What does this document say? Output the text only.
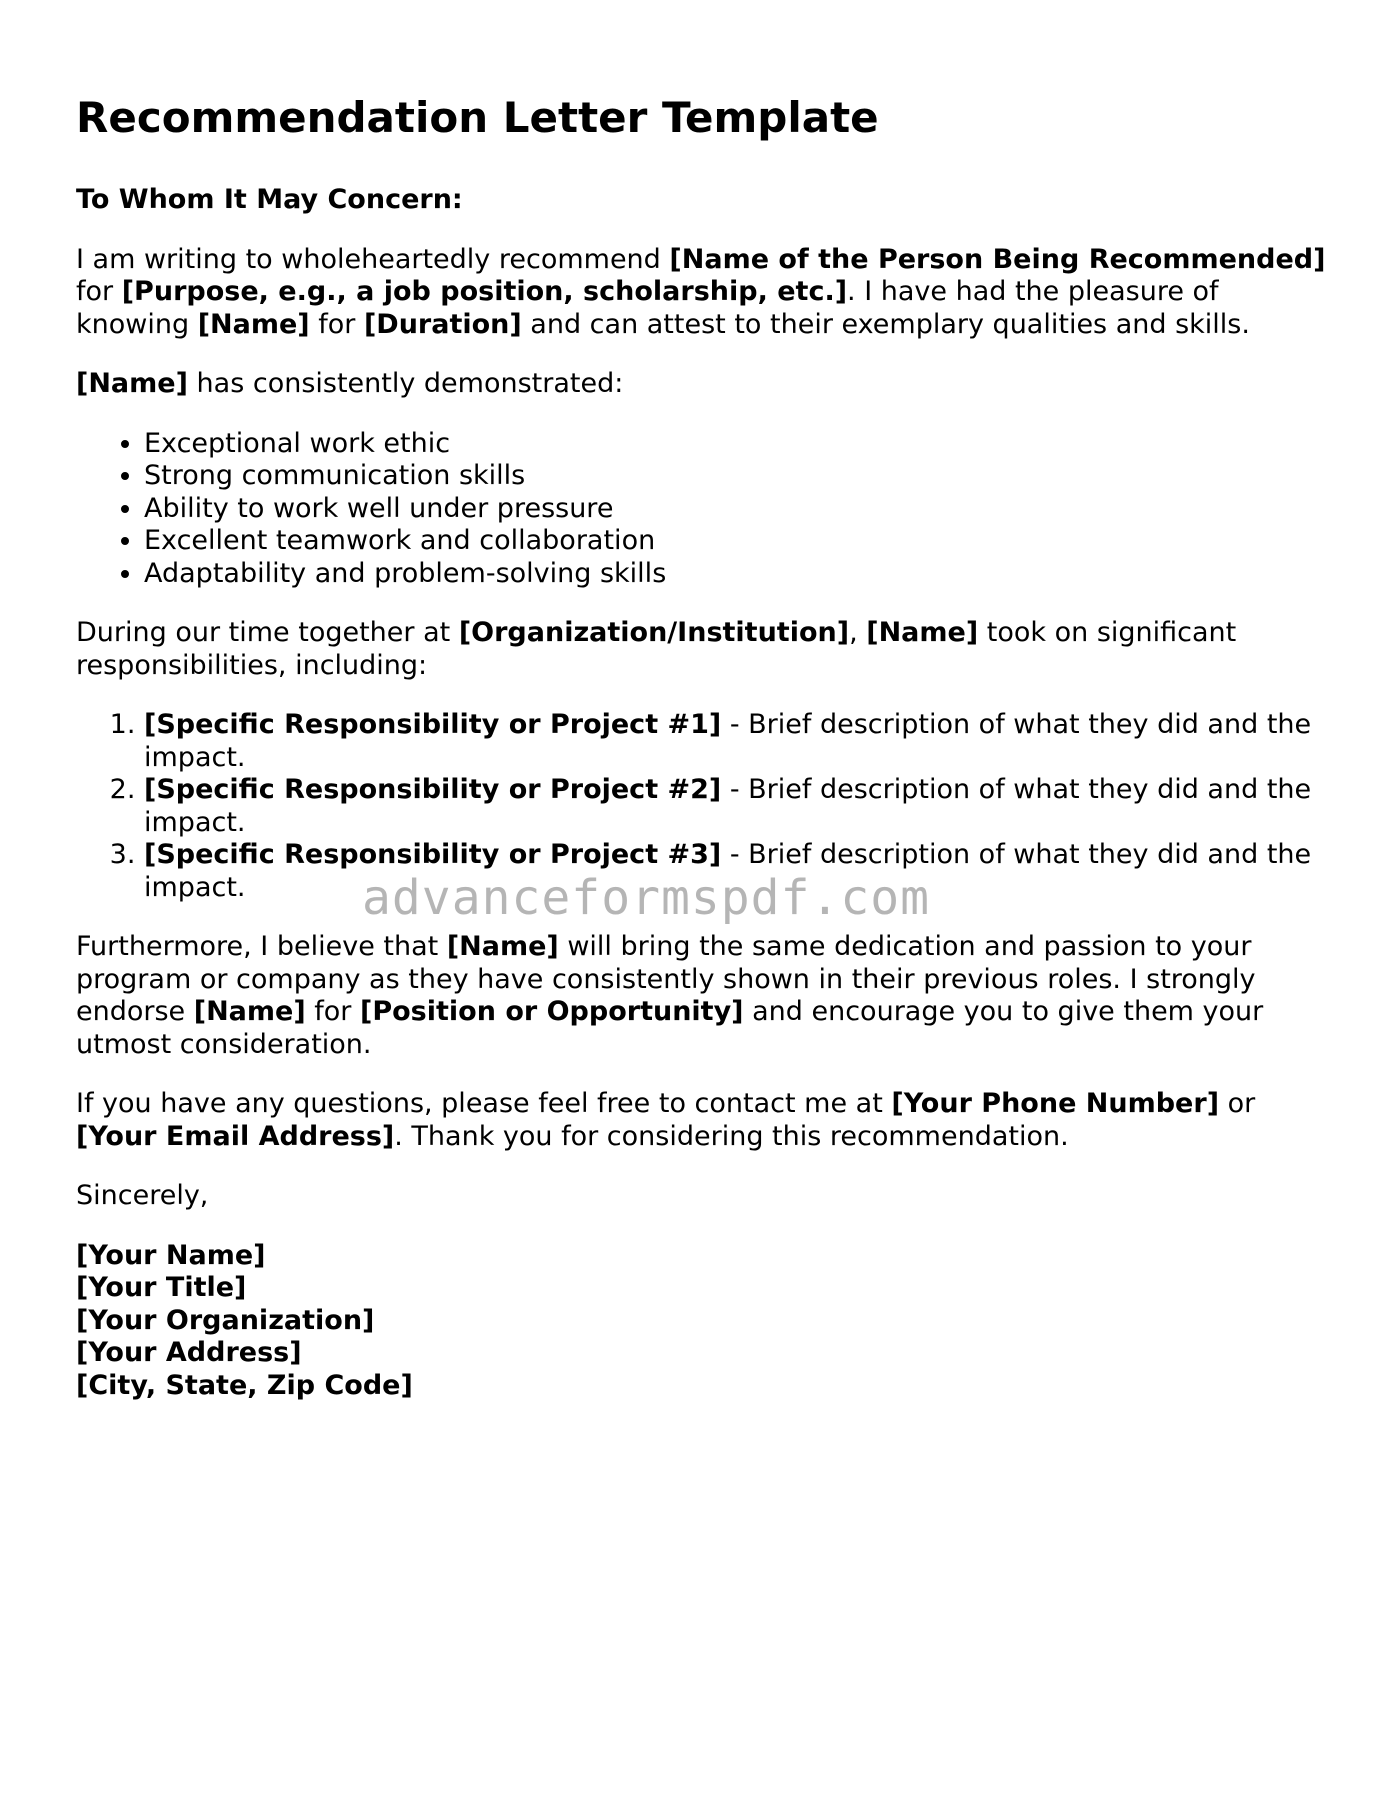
Recommendation Letter Template

To Whom It May Concern:

I am writing to wholeheartedly recommend [Name of the Person Being Recommended] for [Purpose, e.g., a job position, scholarship, etc.]. I have had the pleasure of knowing [Name] for [Duration] and can attest to their exemplary qualities and skills.

[Name] has consistently demonstrated:

• Exceptional work ethic
• Strong communication skills
• Ability to work well under pressure
• Excellent teamwork and collaboration
• Adaptability and problem-solving skills

During our time together at [Organization/Institution], [Name] took on significant responsibilities, including:

1. [Specific Responsibility or Project #1] - Brief description of what they did and the impact.
2. [Specific Responsibility or Project #2] - Brief description of what they did and the impact.
3. [Specific Responsibility or Project #3] - Brief description of what they did and the impact.

Furthermore, I believe that [Name] will bring the same dedication and passion to your program or company as they have consistently shown in their previous roles. I strongly endorse [Name] for [Position or Opportunity] and encourage you to give them your utmost consideration.

If you have any questions, please feel free to contact me at [Your Phone Number] or [Your Email Address]. Thank you for considering this recommendation.

Sincerely,

[Your Name]
[Your Title]
[Your Organization]
[Your Address]
[City, State, Zip Code]
advanceformspdf.com
